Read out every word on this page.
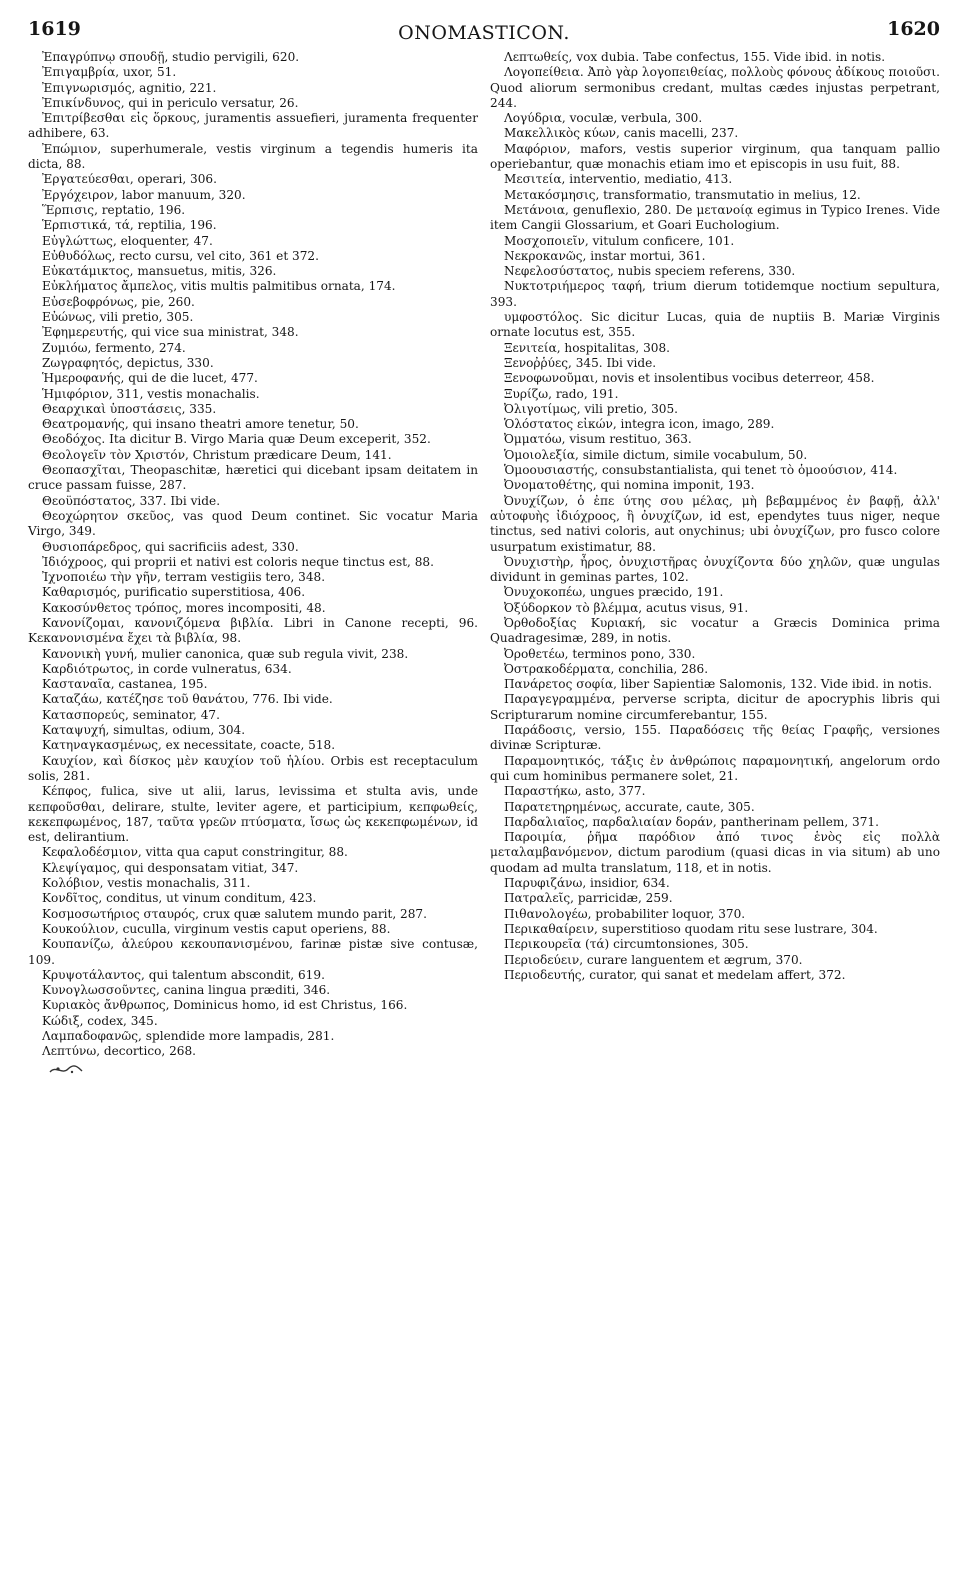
1619	ONOMASTICON.	1620

Ἐπαγρύπνῳ σπουδῇ, studio pervigili, 620.

Ἐπιγαμβρία, uxor, 51.

Ἐπιγνωρισμός, agnitio, 221.

Ἐπικίνδυνος, qui in periculo versatur, 26.

Ἐπιτρίβεσθαι εἰς ὅρκους, juramentis assuefieri, juramenta frequenter adhibere, 63.

Ἐπώμιον, superhumerale, vestis virginum a tegendis humeris ita dicta, 88.

Ἐργατεύεσθαι, operari, 306.

Ἐργόχειρον, labor manuum, 320.

Ἕρπισις, reptatio, 196.

Ἑρπιστικά, τά, reptilia, 196.

Εὐγλώττως, eloquenter, 47.

Εὐθυδόλως, recto cursu, vel cito, 361 et 372.

Εὐκατάμικτος, mansuetus, mitis, 326.

Εὐκλήματος ἄμπελος, vitis multis palmitibus ornata, 174.

Εὐσεβοφρόνως, pie, 260.

Εὐώνως, vili pretio, 305.

Ἐφημερευτής, qui vice sua ministrat, 348.

Ζυμιόω, fermento, 274.

Ζωγραφητός, depictus, 330.

Ἡμεροφανής, qui de die lucet, 477.

Ἡμιφόριον, 311, vestis monachalis.

Θεαρχικαὶ ὑποστάσεις, 335.

Θεατρομανής, qui insano theatri amore tenetur, 50.

Θεοδόχος. Ita dicitur B. Virgo Maria quæ Deum exceperit, 352.

Θεολογεῖν τὸν Χριστόν, Christum prædicare Deum, 141.

Θεοπασχῖται, Theopaschitæ, hæretici qui dicebant ipsam deitatem in cruce passam fuisse, 287.

Θεοϋπόστατος, 337. Ibi vide.

Θεοχώρητον σκεῦος, vas quod Deum continet. Sic vocatur Maria Virgo, 349.

Θυσιοπάρεδρος, qui sacrificiis adest, 330.

Ἰδιόχροος, qui proprii et nativi est coloris neque tinctus est, 88.

Ἰχνοποιέω τὴν γῆν, terram vestigiis tero, 348.

Καθαρισμός, purificatio superstitiosa, 406.

Κακοσύνθετος τρόπος, mores incompositi, 48.

Κανονίζομαι, κανονιζόμενα βιβλία. Libri in Canone recepti, 96. Κεκανονισμένα ἔχει τὰ βιβλία, 98.

Κανονικὴ γυνή, mulier canonica, quæ sub regula vivit, 238.

Καρδιότρωτος, in corde vulneratus, 634.

Κασταναῖα, castanea, 195.

Καταζάω, κατέζησε τοῦ θανάτου, 776. Ibi vide.

Κατασπορεύς, seminator, 47.

Καταψυχή, simultas, odium, 304.

Κατηναγκασμένως, ex necessitate, coacte, 518.

Καυχίον, καὶ δίσκος μὲν καυχίον τοῦ ἡλίου. Orbis est receptaculum solis, 281.

Κέπφος, fulica, sive ut alii, larus, levissima et stulta avis, unde κεπφοῦσθαι, delirare, stulte, leviter agere, et participium, κεπφωθείς, κεκεπφωμένος, 187, ταῦτα γρεῶν πτύσματα, ἴσως ὡς κεκεπφωμένων, id est, delirantium.

Κεφαλοδέσμιον, vitta qua caput constringitur, 88.

Κλεψίγαμος, qui desponsatam vitiat, 347.

Κολόβιον, vestis monachalis, 311.

Κονδῖτος, conditus, ut vinum conditum, 423.

Κοσμοσωτήριος σταυρός, crux quæ salutem mundo parit, 287.

Κουκούλιον, cucullа, virginum vestis caput operiens, 88.

Κουπανίζω, ἀλεύρου κεκουπανισμένου, farinæ pistæ sive contusæ, 109.

Κρυψοτάλαντος, qui talentum abscondit, 619.

Κυνογλωσσοῦντες, canina lingua præditi, 346.

Κυριακὸς ἄνθρωπος, Dominicus homo, id est Christus, 166.

Κώδιξ, codex, 345.

Λαμπαδοφανῶς, splendide more lampadis, 281.

Λεπτύνω, decorticо, 268.

Λεπτωθείς, vox dubia. Tabe confectus, 155. Vide ibid. in notis.

Λογοπείθεια. Ἀπὸ γὰρ λογοπειθείας, πολλοὺς φόνους ἀδίκους ποιοῦσι. Quod aliorum sermonibus credant, multas cædes injustas perpetrant, 244.

Λογύδρια, voculæ, verbula, 300.

Μακελλικὸς κύων, canis macelli, 237.

Μαφόριον, mafors, vestis superior virginum, qua tanquam pallio operiebantur, quæ monachis etiam imo et episcopis in usu fuit, 88.

Μεσιτεία, interventio, mediatio, 413.

Μετακόσμησις, transformatio, transmutatio in melius, 12.

Μετάνοια, genuflexio, 280. De μετανοίᾳ egimus in Typico Irenes. Vide item Cangii Glossarium, et Goari Euchologium.

Μοσχοποιεῖν, vitulum conficere, 101.

Νεκροκανῶς, instar mortui, 361.

Νεφελοσύστατος, nubis speciem referens, 330.

Νυκτοτριήμερος ταφή, trium dierum totidemque noctium sepultura, 393.

υμφοστόλος. Sic dicitur Lucas, quia de nuptiis B. Mariæ Virginis ornate locutus est, 355.

Ξενιτεία, hospitalitas, 308.

Ξενοῤῥύες, 345. Ibi vide.

Ξενοφωνοῦμαι, novis et insolentibus vocibus deterreor, 458.

Ξυρίζω, rado, 191.

Ὀλιγοτίμως, vili pretio, 305.

Ὁλόστατος εἰκών, integra icon, imago, 289.

Ὀμματόω, visum restituo, 363.

Ὁμοιολεξία, simile dictum, simile vocabulum, 50.

Ὁμοουσιαστής, consubstantialista, qui tenet τὸ ὁμοούσιον, 414.

Ὀνοματοθέτης, qui nomina imponit, 193.

Ὀνυχίζων, ὁ ἐπε ύτης σου μέλας, μὴ βεβαμμένος ἐν βαφῇ, ἀλλ' αὐτοφυὴς ἰδιόχροος, ἢ ὀνυχίζων, id est, ependytes tuus niger, neque tinctus, sed nativi coloris, aut onychinus; ubi ὀνυχίζων, pro fusco colore usurpatum existimatur, 88.

Ὀνυχιστὴρ, ἦρος, ὀνυχιστῆρας ὀνυχίζοντα δύο χηλῶν, quæ ungulas dividunt in geminas partes, 102.

Ὀνυχοκοπέω, ungues præcido, 191.

Ὀξύδορκον τὸ βλέμμα, acutus visus, 91.

Ὀρθοδοξίας Κυριακή, sic vocatur a Græcis Dominica prima Quadragesimæ, 289, in notis.

Ὀροθετέω, terminos pono, 330.

Ὀστρακοδέρματα, conchilia, 286.

Πανάρετος σοφία, liber Sapientiæ Salomonis, 132. Vide ibid. in notis.

Παραγεγραμμένα, perverse scripta, dicitur de apocryphis libris qui Scripturarum nomine circumferebantur, 155.

Παράδοσις, versio, 155. Παραδόσεις τῆς θείας Γραφῆς, versiones divinæ Scripturæ.

Παραμονητικός, τάξις ἐν ἀνθρώποις παραμονητική, angelorum ordo qui cum hominibus permanere solet, 21.

Παραστήκω, asto, 377.

Παρατετηρημένως, accurate, caute, 305.

Παρδαλιαῖος, παρδαλιαίαν δοράν, pantherinam pellem, 371.

Παροιμία, ῥῆμα παρόδιον ἀπό τινος ἑνὸς εἰς πολλὰ μεταλαμβανόμενον, dictum parodium (quasi dicas in via situm) ab uno quodam ad multa translatum, 118, et in notis.

Παρυφιζάνω, insidior, 634.

Πατραλεῖς, parricidæ, 259.

Πιθανολογέω, probabiliter loquor, 370.

Περικαθαίρειν, superstitioso quodam ritu sese lustrare, 304.

Περικουρεῖα (τά) circumtonsiones, 305.

Περιοδεύειν, curare languentem et ægrum, 370.

Περιοδευτής, curator, qui sanat et medelam affert, 372.
